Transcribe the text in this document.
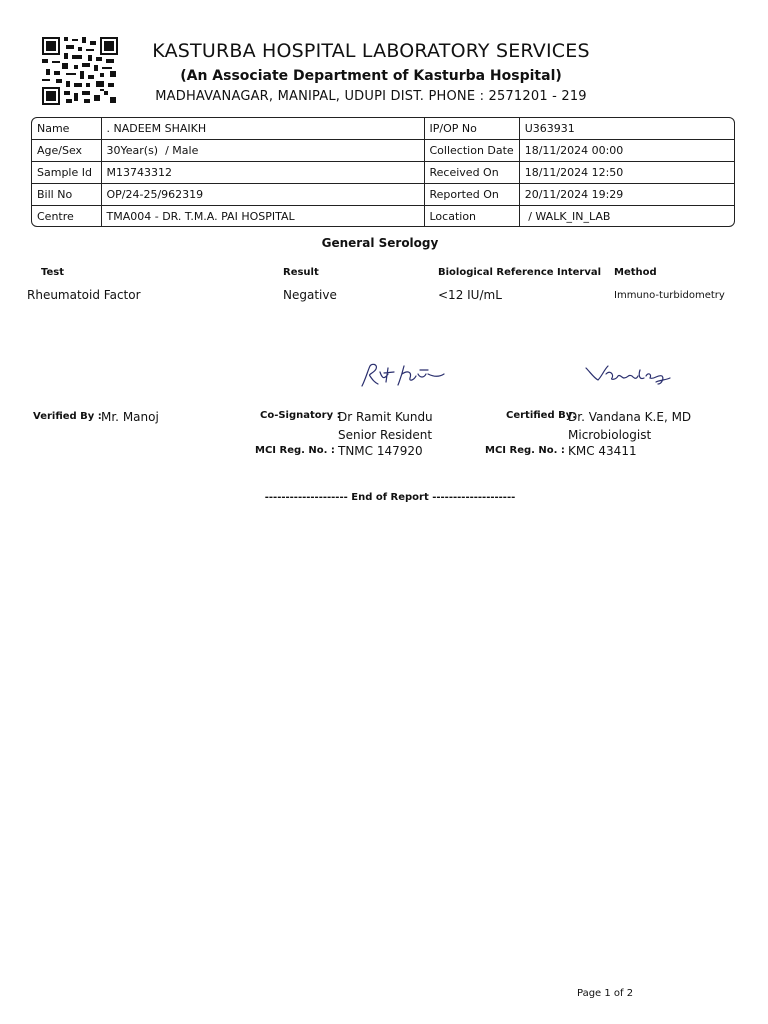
KASTURBA HOSPITAL LABORATORY SERVICES
(An Associate Department of Kasturba Hospital)
MADHAVANAGAR, MANIPAL, UDUPI DIST. PHONE : 2571201 - 219
Name	. NADEEM SHAIKH	IP/OP No	U363931
Age/Sex	30Year(s)  / Male	Collection Date	18/11/2024 00:00
Sample Id	M13743312	Received On	18/11/2024 12:50
Bill No	OP/24-25/962319	Reported On	20/11/2024 19:29
Centre	TMA004 - DR. T.M.A. PAI HOSPITAL	Location	/ WALK_IN_LAB
General Serology
Test	Result	Biological Reference Interval Method
Rheumatoid Factor	Negative	<12 IU/mL	Immuno-turbidometry
Verified By : Mr. Manoj	Co-Signatory :
Dr Ramit Kundu
Senior Resident
MCI Reg. No. : TNMC 147920
Certified By:
Dr. Vandana K.E, MD
Microbiologist
MCI Reg. No. : KMC 43411
-------------------- End of Report --------------------
Page 1 of 2
